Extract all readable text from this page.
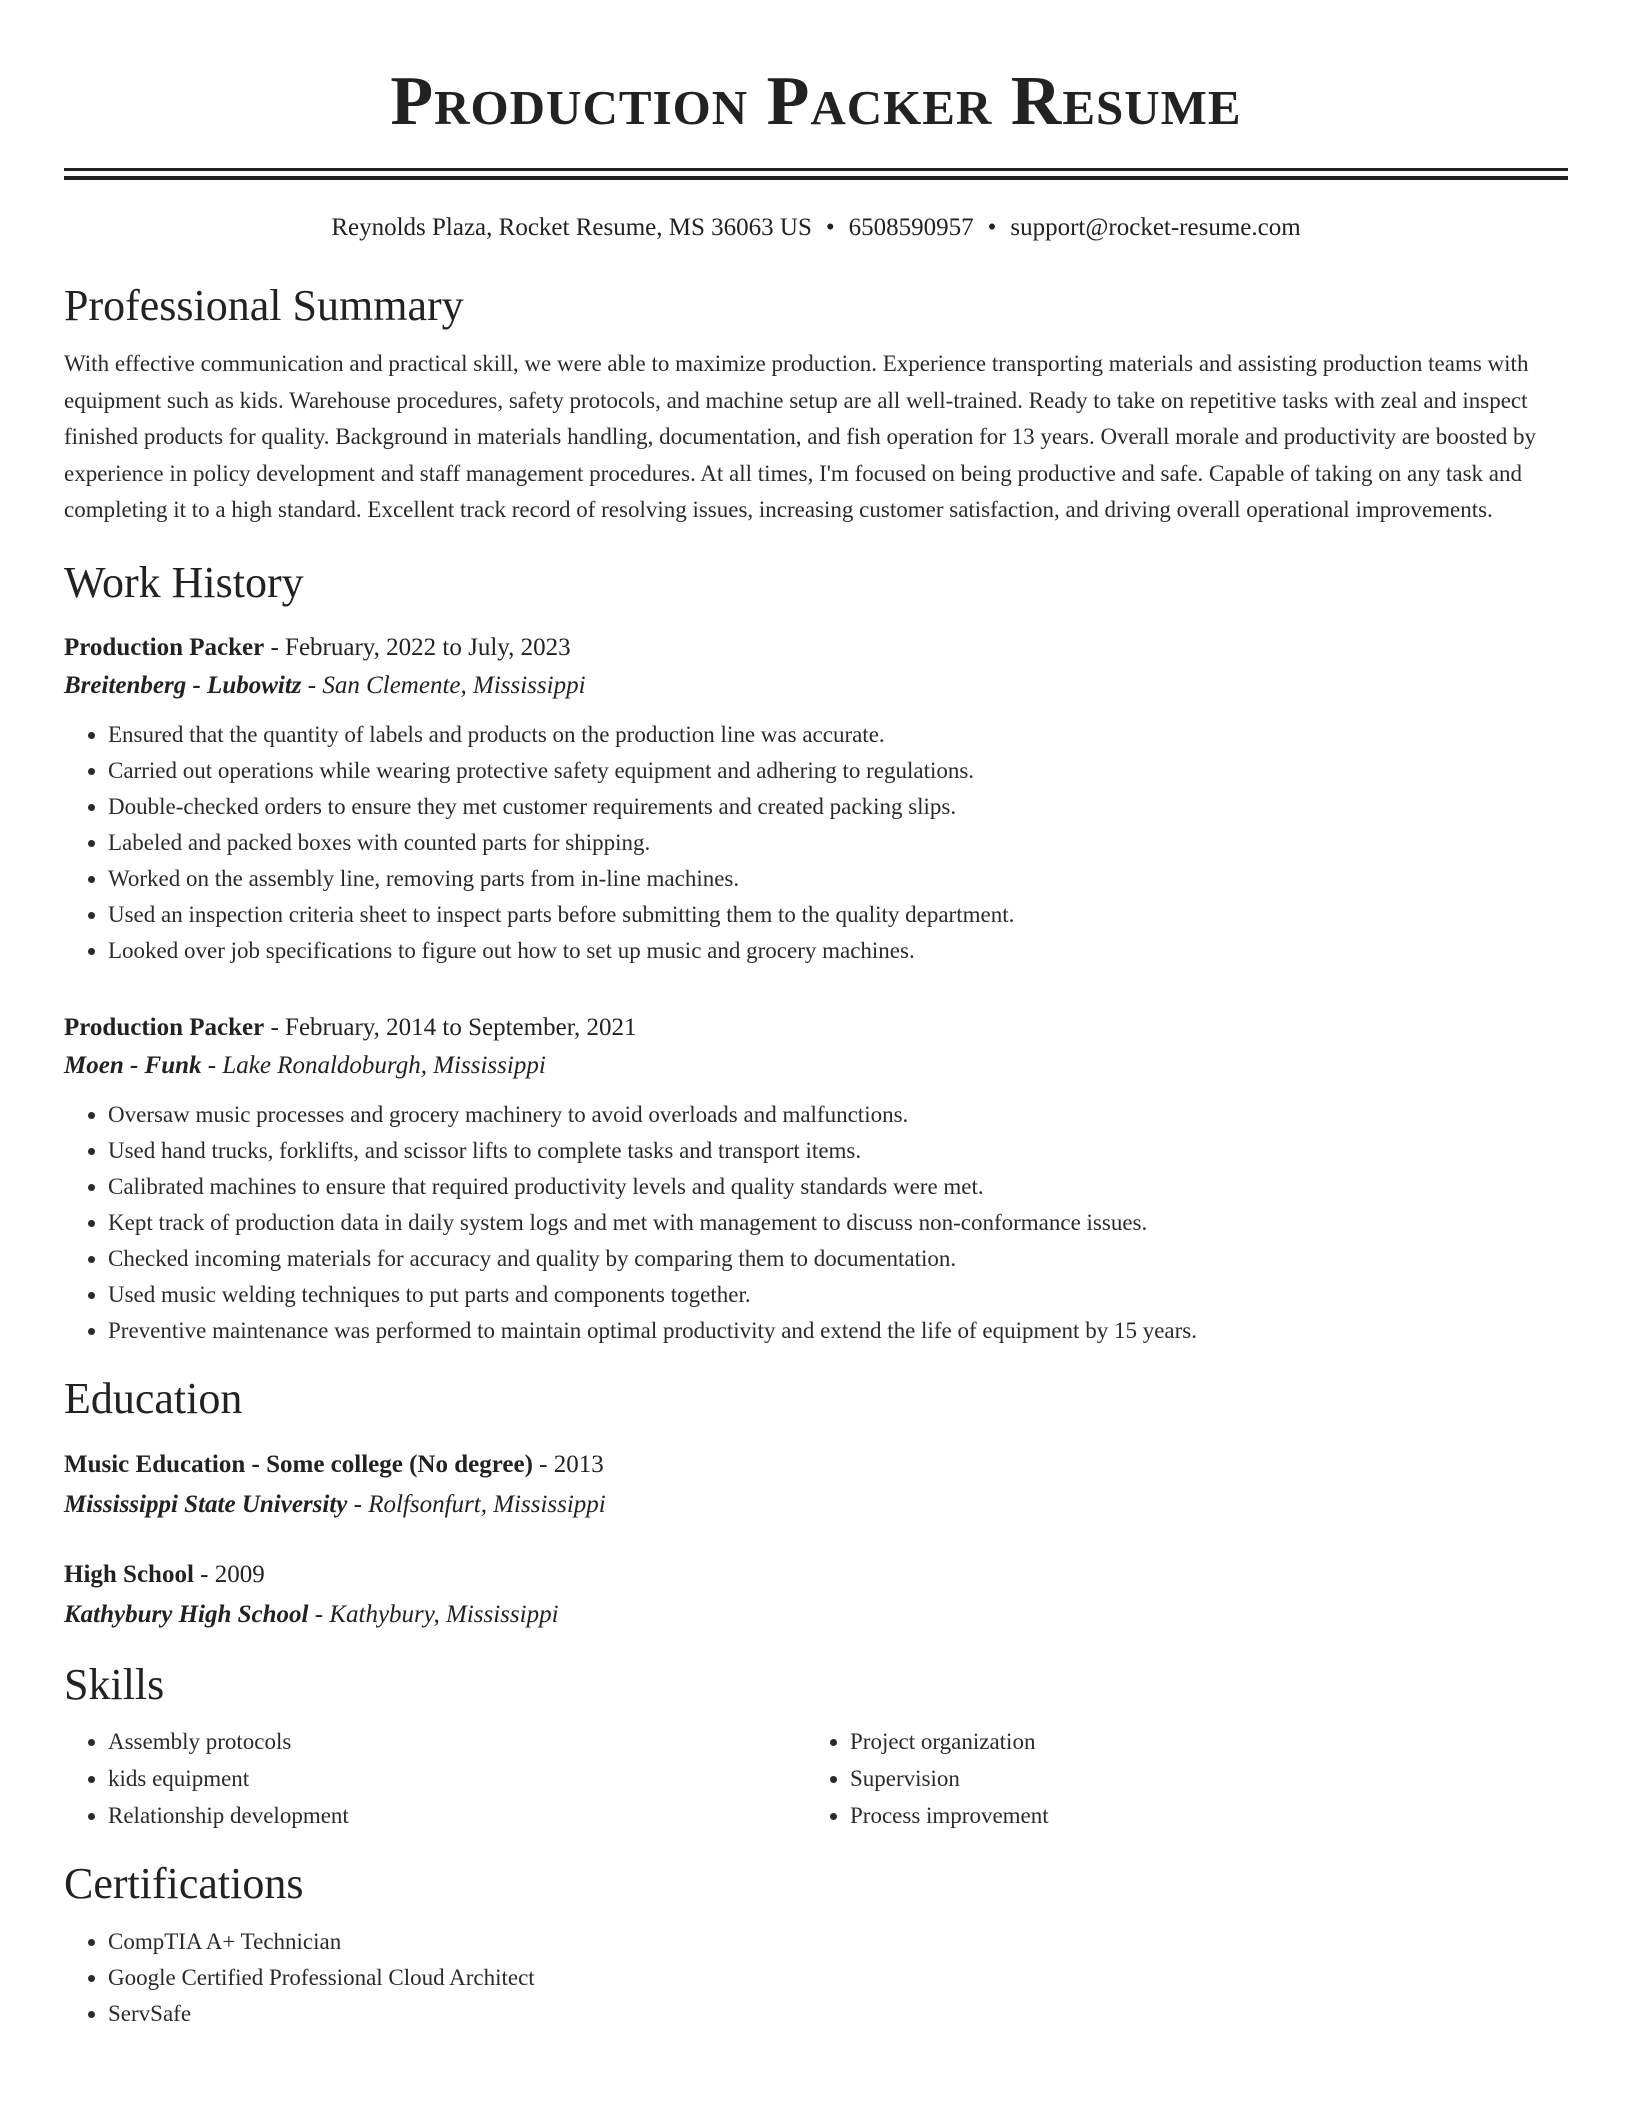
Production Packer Resume
Reynolds Plaza, Rocket Resume, MS 36063 US • 6508590957 • support@rocket-resume.com
Professional Summary

With effective communication and practical skill, we were able to maximize production. Experience transporting materials and assisting production teams with equipment such as kids. Warehouse procedures, safety protocols, and machine setup are all well-trained. Ready to take on repetitive tasks with zeal and inspect finished products for quality. Background in materials handling, documentation, and fish operation for 13 years. Overall morale and productivity are boosted by experience in policy development and staff management procedures. At all times, I'm focused on being productive and safe. Capable of taking on any task and completing it to a high standard. Excellent track record of resolving issues, increasing customer satisfaction, and driving overall operational improvements.

Work History
Production Packer - February, 2022 to July, 2023
Breitenberg - Lubowitz - San Clemente, Mississippi
• Ensured that the quantity of labels and products on the production line was accurate.
• Carried out operations while wearing protective safety equipment and adhering to regulations.
• Double-checked orders to ensure they met customer requirements and created packing slips.
• Labeled and packed boxes with counted parts for shipping.
• Worked on the assembly line, removing parts from in-line machines.
• Used an inspection criteria sheet to inspect parts before submitting them to the quality department.
• Looked over job specifications to figure out how to set up music and grocery machines.
Production Packer - February, 2014 to September, 2021
Moen - Funk - Lake Ronaldoburgh, Mississippi
• Oversaw music processes and grocery machinery to avoid overloads and malfunctions.
• Used hand trucks, forklifts, and scissor lifts to complete tasks and transport items.
• Calibrated machines to ensure that required productivity levels and quality standards were met.
• Kept track of production data in daily system logs and met with management to discuss non-conformance issues.
• Checked incoming materials for accuracy and quality by comparing them to documentation.
• Used music welding techniques to put parts and components together.
• Preventive maintenance was performed to maintain optimal productivity and extend the life of equipment by 15 years.
Education
Music Education - Some college (No degree) - 2013
Mississippi State University - Rolfsonfurt, Mississippi
High School - 2009
Kathybury High School - Kathybury, Mississippi
Skills
• Assembly protocols
• kids equipment
• Relationship development
• Project organization
• Supervision
• Process improvement
Certifications
• CompTIA A+ Technician
• Google Certified Professional Cloud Architect
• ServSafe
